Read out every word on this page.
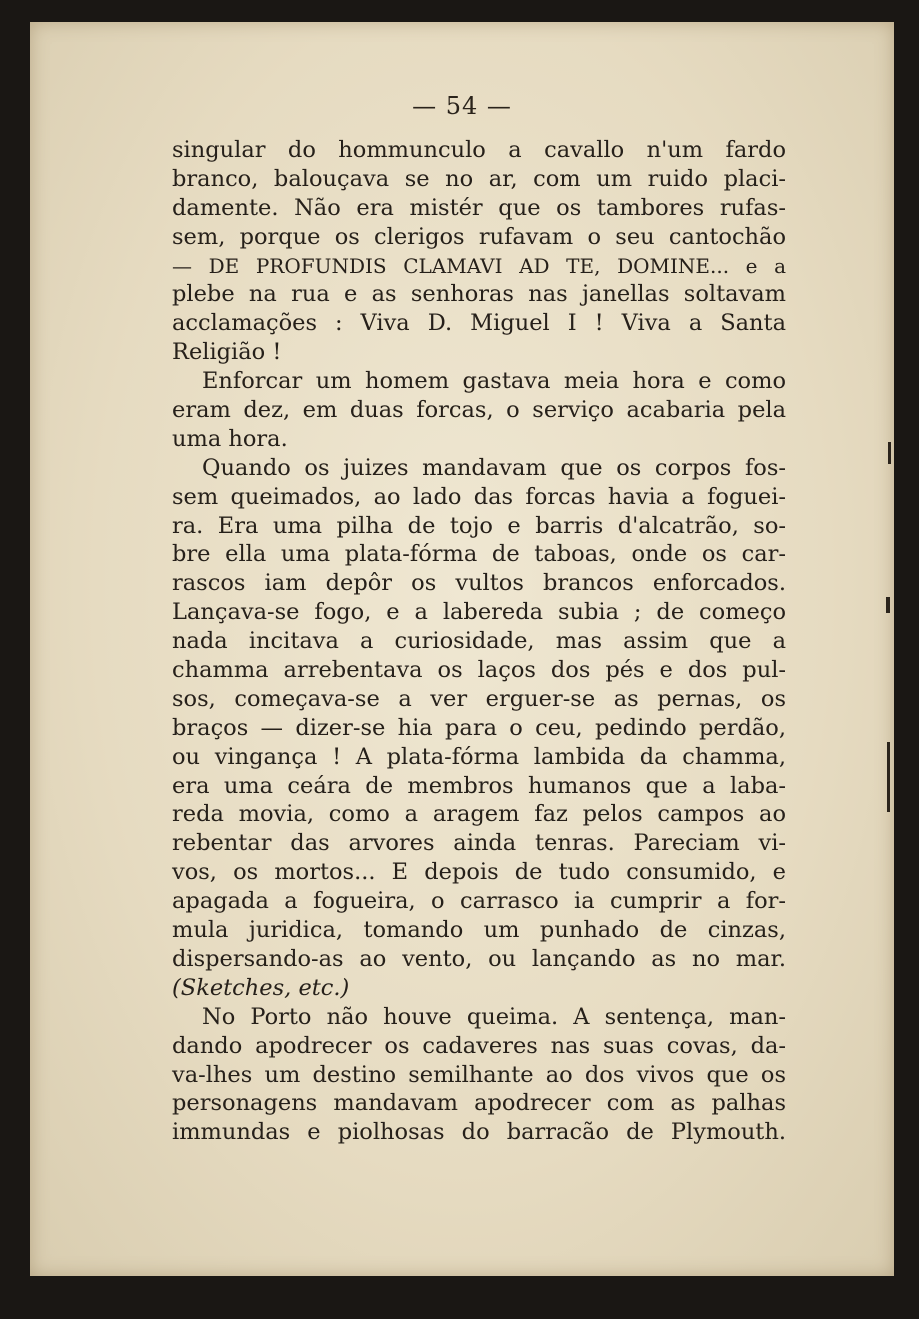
— 54 —
singular do hommunculo a cavallo n'um fardo
branco, balouçava se no ar, com um ruido placi-
damente. Não era mistér que os tambores rufas-
sem, porque os clerigos rufavam o seu cantochão
— DE PROFUNDIS CLAMAVI AD TE, DOMINE... e a
plebe na rua e as senhoras nas janellas soltavam
acclamações : Viva D. Miguel I ! Viva a Santa
Religião !
Enforcar um homem gastava meia hora e como
eram dez, em duas forcas, o serviço acabaria pela
uma hora.
Quando os juizes mandavam que os corpos fos-
sem queimados, ao lado das forcas havia a foguei-
ra. Era uma pilha de tojo e barris d'alcatrão, so-
bre ella uma plata-fórma de taboas, onde os car-
rascos iam depôr os vultos brancos enforcados.
Lançava-se fogo, e a labereda subia ; de começo
nada incitava a curiosidade, mas assim que a
chamma arrebentava os laços dos pés e dos pul-
sos, começava-se a ver erguer-se as pernas, os
braços — dizer-se hia para o ceu, pedindo perdão,
ou vingança ! A plata-fórma lambida da chamma,
era uma ceára de membros humanos que a laba-
reda movia, como a aragem faz pelos campos ao
rebentar das arvores ainda tenras. Pareciam vi-
vos, os mortos... E depois de tudo consumido, e
apagada a fogueira, o carrasco ia cumprir a for-
mula juridica, tomando um punhado de cinzas,
dispersando-as ao vento, ou lançando as no mar.
(Sketches, etc.)
No Porto não houve queima. A sentença, man-
dando apodrecer os cadaveres nas suas covas, da-
va-lhes um destino semilhante ao dos vivos que os
personagens mandavam apodrecer com as palhas
immundas e piolhosas do barracão de Plymouth.
